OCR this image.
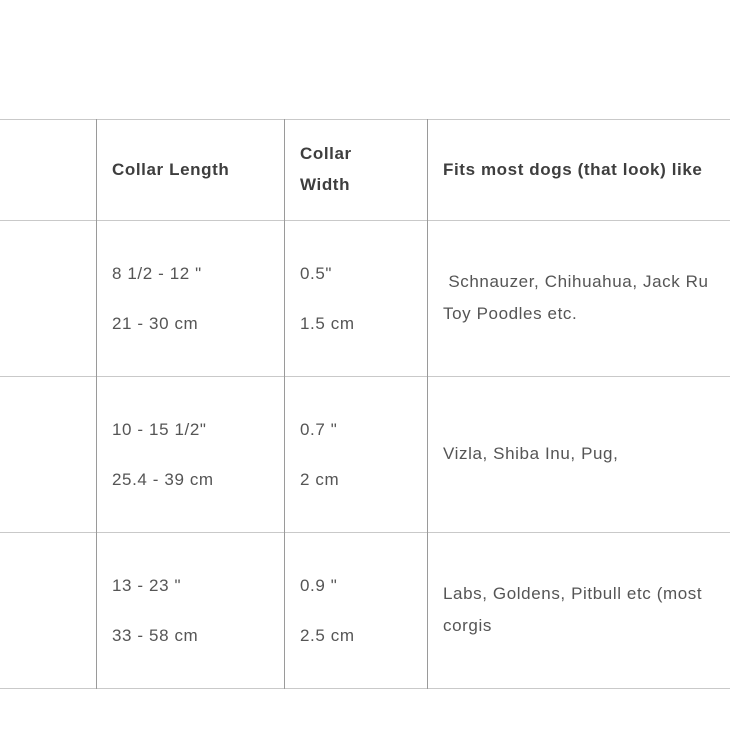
Collar Length
Collar
Width
Fits most dogs (that look) like
8 1/2 - 12 "
21 - 30 cm
0.5"
1.5 cm
Schnauzer, Chihuahua, Jack Ru
Toy Poodles etc.
10 - 15 1/2"
25.4 - 39 cm
0.7 "
2 cm
Vizla, Shiba Inu, Pug,
13 - 23 "
33 - 58 cm
0.9 "
2.5 cm
Labs, Goldens, Pitbull etc (most
corgis
